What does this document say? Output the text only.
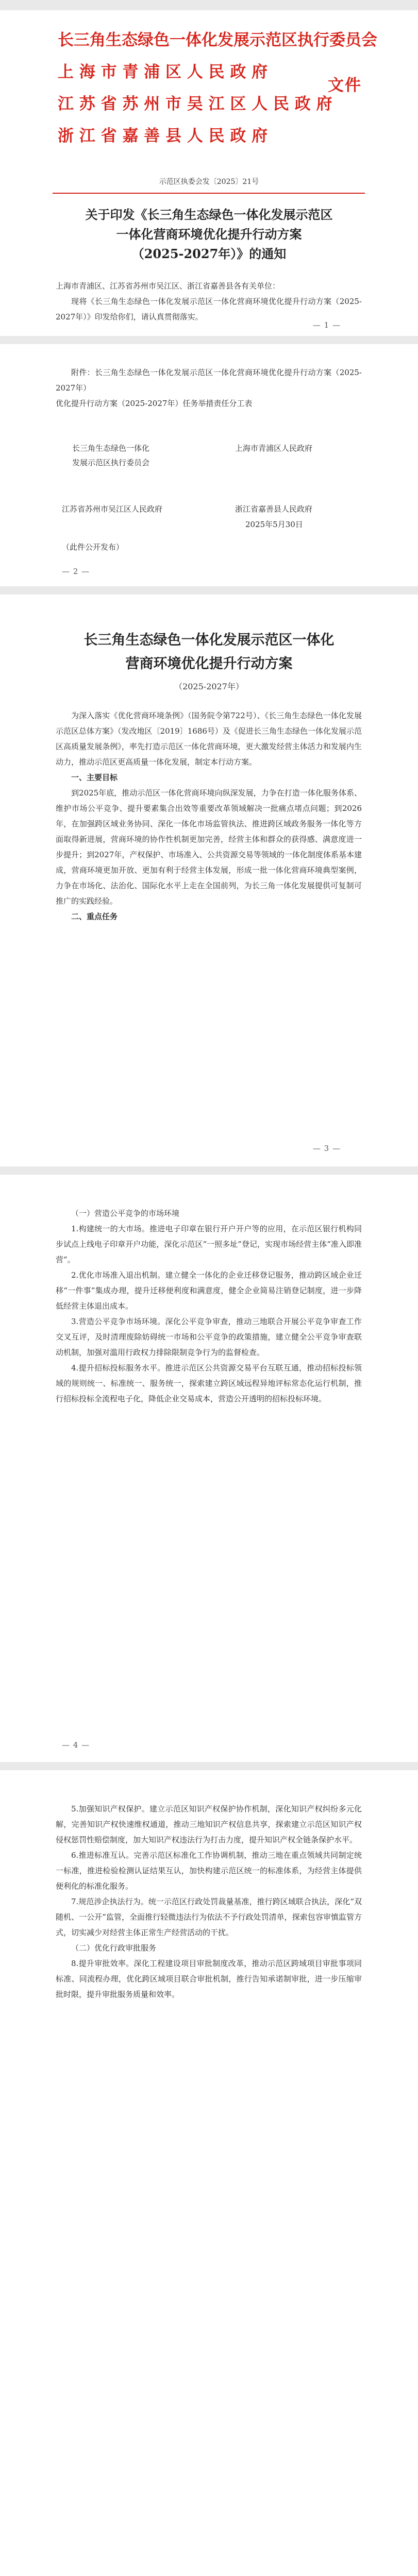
长三角生态绿色一体化发展示范区执行委员会
上 海 市 青 浦 区 人 民 政 府
江 苏 省 苏 州 市 吴 江 区 人 民 政 府
浙 江 省 嘉 善 县 人 民 政 府
文件
示范区执委会发〔2025〕21号
关于印发《长三角生态绿色一体化发展示范区
一体化营商环境优化提升行动方案
（2025-2027年）》的通知

上海市青浦区、江苏省苏州市吴江区、浙江省嘉善县各有关单位：

现将《长三角生态绿色一体化发展示范区一体化营商环境优化提升行动方案（2025-2027年）》印发给你们，请认真贯彻落实。

— 1 —

附件：长三角生态绿色一体化发展示范区一体化营商环境优化提升行动方案（2025-2027年）

优化提升行动方案（2025-2027年）任务举措责任分工表

长三角生态绿色一体化
发展示范区执行委员会
上海市青浦区人民政府
江苏省苏州市吴江区人民政府	浙江省嘉善县人民政府
2025年5月30日
（此件公开发布）
— 2 —
长三角生态绿色一体化发展示范区一体化
营商环境优化提升行动方案
（2025-2027年）

为深入落实《优化营商环境条例》（国务院令第722号）、《长三角生态绿色一体化发展示范区总体方案》（发改地区〔2019〕1686号）及《促进长三角生态绿色一体化发展示范区高质量发展条例》，率先打造示范区一体化营商环境，更大激发经营主体活力和发展内生动力，推动示范区更高质量一体化发展，制定本行动方案。

一、主要目标

到2025年底，推动示范区一体化营商环境向纵深发展，力争在打造一体化服务体系、维护市场公平竞争、提升要素集合出效等重要改革领域解决一批痛点堵点问题；到2026年，在加强跨区域业务协同、深化一体化市场监管执法、推进跨区域政务服务一体化等方面取得新进展，营商环境的协作性机制更加完善，经营主体和群众的获得感、满意度进一步提升；到2027年，产权保护、市场准入、公共资源交易等领域的一体化制度体系基本建成，营商环境更加开放、更加有利于经营主体发展，形成一批一体化营商环境典型案例，力争在市场化、法治化、国际化水平上走在全国前列，为长三角一体化发展提供可复制可推广的实践经验。

二、重点任务

— 3 —

（一）营造公平竞争的市场环境

1.构建统一的大市场。推进电子印章在银行开户开户等的应用，在示范区银行机构同步试点上线电子印章开户功能，深化示范区“一照多址”登记，实现市场经营主体“准入即准营”。

2.优化市场准入退出机制。建立健全一体化的企业迁移登记服务，推动跨区域企业迁移“一件事”集成办理，提升迁移便利度和满意度，健全企业简易注销登记制度，进一步降低经营主体退出成本。

3.营造公平竞争市场环境。深化公平竞争审查，推动三地联合开展公平竞争审查工作交叉互评，及时清理废除妨碍统一市场和公平竞争的政策措施，建立健全公平竞争审查联动机制，加强对滥用行政权力排除限制竞争行为的监督检查。

4.提升招标投标服务水平。推进示范区公共资源交易平台互联互通，推动招标投标领域的规则统一、标准统一、服务统一，探索建立跨区域远程异地评标常态化运行机制，推行招标投标全流程电子化，降低企业交易成本，营造公开透明的招标投标环境。

— 4 —

5.加强知识产权保护。建立示范区知识产权保护协作机制，深化知识产权纠纷多元化解，完善知识产权快速维权通道，推动三地知识产权信息共享，探索建立示范区知识产权侵权惩罚性赔偿制度，加大知识产权违法行为打击力度，提升知识产权全链条保护水平。

6.推进标准互认。完善示范区标准化工作协调机制，推动三地在重点领域共同制定统一标准，推进检验检测认证结果互认，加快构建示范区统一的标准体系，为经营主体提供便利化的标准化服务。

7.规范涉企执法行为。统一示范区行政处罚裁量基准，推行跨区域联合执法，深化“双随机、一公开”监管，全面推行轻微违法行为依法不予行政处罚清单，探索包容审慎监管方式，切实减少对经营主体正常生产经营活动的干扰。

（二）优化行政审批服务

8.提升审批效率。深化工程建设项目审批制度改革，推动示范区跨域项目审批事项同标准、同流程办理，优化跨区域项目联合审批机制，推行告知承诺制审批，进一步压缩审批时限，提升审批服务质量和效率。
